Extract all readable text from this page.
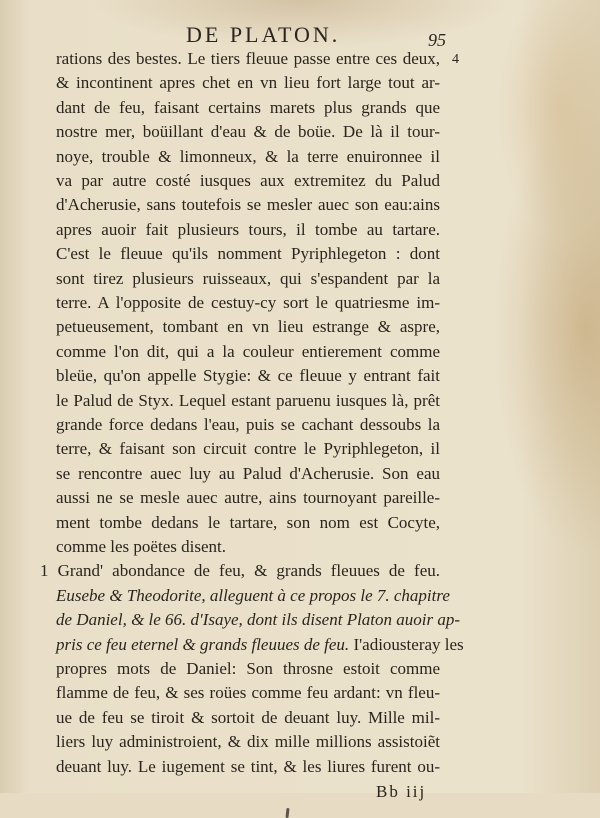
DE PLATON.	95
4
rations des bestes. Le tiers fleuue passe entre ces deux,
& incontinent apres chet en vn lieu fort large tout ar-
dant de feu, faisant certains marets plus grands que
nostre mer, boüillant d'eau & de boüe. De là il tour-
noye, trouble & limonneux, & la terre enuironnee il
va par autre costé iusques aux extremitez du Palud
d'Acherusie, sans toutefois se mesler auec son eau:ains
apres auoir fait plusieurs tours, il tombe au tartare.
C'est le fleuue qu'ils nomment Pyriphlegeton : dont
sont tirez plusieurs ruisseaux, qui s'espandent par la
terre. A l'opposite de cestuy-cy sort le quatriesme im-
petueusement, tombant en vn lieu estrange & aspre,
comme l'on dit, qui a la couleur entierement comme
bleüe, qu'on appelle Stygie: & ce fleuue y entrant fait
le Palud de Styx. Lequel estant paruenu iusques là, prêt
grande force dedans l'eau, puis se cachant dessoubs la
terre, & faisant son circuit contre le Pyriphlegeton, il
se rencontre auec luy au Palud d'Acherusie. Son eau
aussi ne se mesle auec autre, ains tournoyant pareille-
ment tombe dedans le tartare, son nom est Cocyte,
comme les poëtes disent.
1 Grand' abondance de feu, & grands fleuues de feu.
Eusebe & Theodorite, alleguent à ce propos le 7. chapitre
de Daniel, & le 66. d'Isaye, dont ils disent Platon auoir ap-
pris ce feu eternel & grands fleuues de feu. I'adiousteray les
propres mots de Daniel: Son throsne estoit comme
flamme de feu, & ses roües comme feu ardant: vn fleu-
ue de feu se tiroit & sortoit de deuant luy. Mille mil-
liers luy administroient, & dix mille millions assistoiẽt
deuant luy. Le iugement se tint, & les liures furent ou-
Bb iij
